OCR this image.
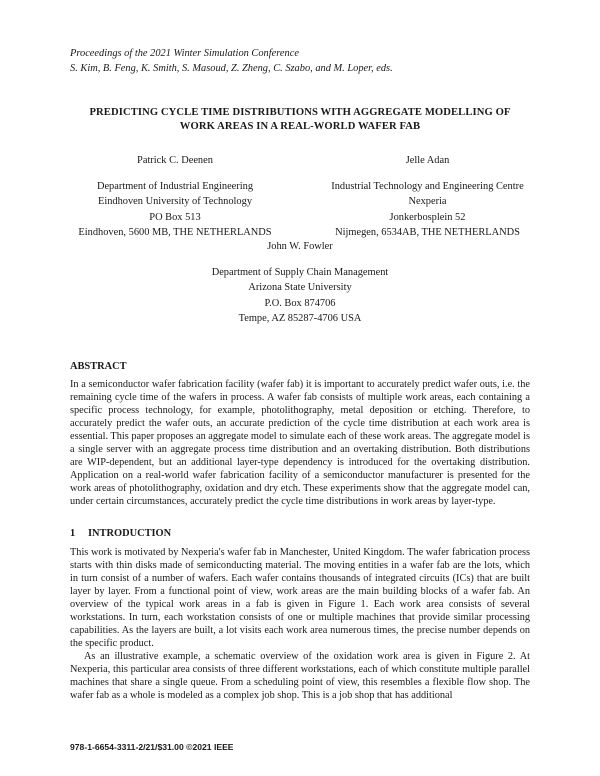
Proceedings of the 2021 Winter Simulation Conference
S. Kim, B. Feng, K. Smith, S. Masoud, Z. Zheng, C. Szabo, and M. Loper, eds.
PREDICTING CYCLE TIME DISTRIBUTIONS WITH AGGREGATE MODELLING OF
WORK AREAS IN A REAL-WORLD WAFER FAB
Patrick C. Deenen
Department of Industrial Engineering
Eindhoven University of Technology
PO Box 513
Eindhoven, 5600 MB, THE NETHERLANDS
Jelle Adan
Industrial Technology and Engineering Centre
Nexperia
Jonkerbosplein 52
Nijmegen, 6534AB, THE NETHERLANDS
John W. Fowler
Department of Supply Chain Management
Arizona State University
P.O. Box 874706
Tempe, AZ 85287-4706 USA
ABSTRACT
In a semiconductor wafer fabrication facility (wafer fab) it is important to accurately predict wafer outs, i.e. the remaining cycle time of the wafers in process. A wafer fab consists of multiple work areas, each containing a specific process technology, for example, photolithography, metal deposition or etching. Therefore, to accurately predict the wafer outs, an accurate prediction of the cycle time distribution at each work area is essential. This paper proposes an aggregate model to simulate each of these work areas. The aggregate model is a single server with an aggregate process time distribution and an overtaking distribution. Both distributions are WIP-dependent, but an additional layer-type dependency is introduced for the overtaking distribution. Application on a real-world wafer fabrication facility of a semiconductor manufacturer is presented for the work areas of photolithography, oxidation and dry etch. These experiments show that the aggregate model can, under certain circumstances, accurately predict the cycle time distributions in work areas by layer-type.
1 INTRODUCTION
This work is motivated by Nexperia's wafer fab in Manchester, United Kingdom. The wafer fabrication process starts with thin disks made of semiconducting material. The moving entities in a wafer fab are the lots, which in turn consist of a number of wafers. Each wafer contains thousands of integrated circuits (ICs) that are built layer by layer. From a functional point of view, work areas are the main building blocks of a wafer fab. An overview of the typical work areas in a fab is given in Figure 1. Each work area consists of several workstations. In turn, each workstation consists of one or multiple machines that provide similar processing capabilities. As the layers are built, a lot visits each work area numerous times, the precise number depends on the specific product.
As an illustrative example, a schematic overview of the oxidation work area is given in Figure 2. At Nexperia, this particular area consists of three different workstations, each of which constitute multiple parallel machines that share a single queue. From a scheduling point of view, this resembles a flexible flow shop. The wafer fab as a whole is modeled as a complex job shop. This is a job shop that has additional
978-1-6654-3311-2/21/$31.00 ©2021 IEEE
